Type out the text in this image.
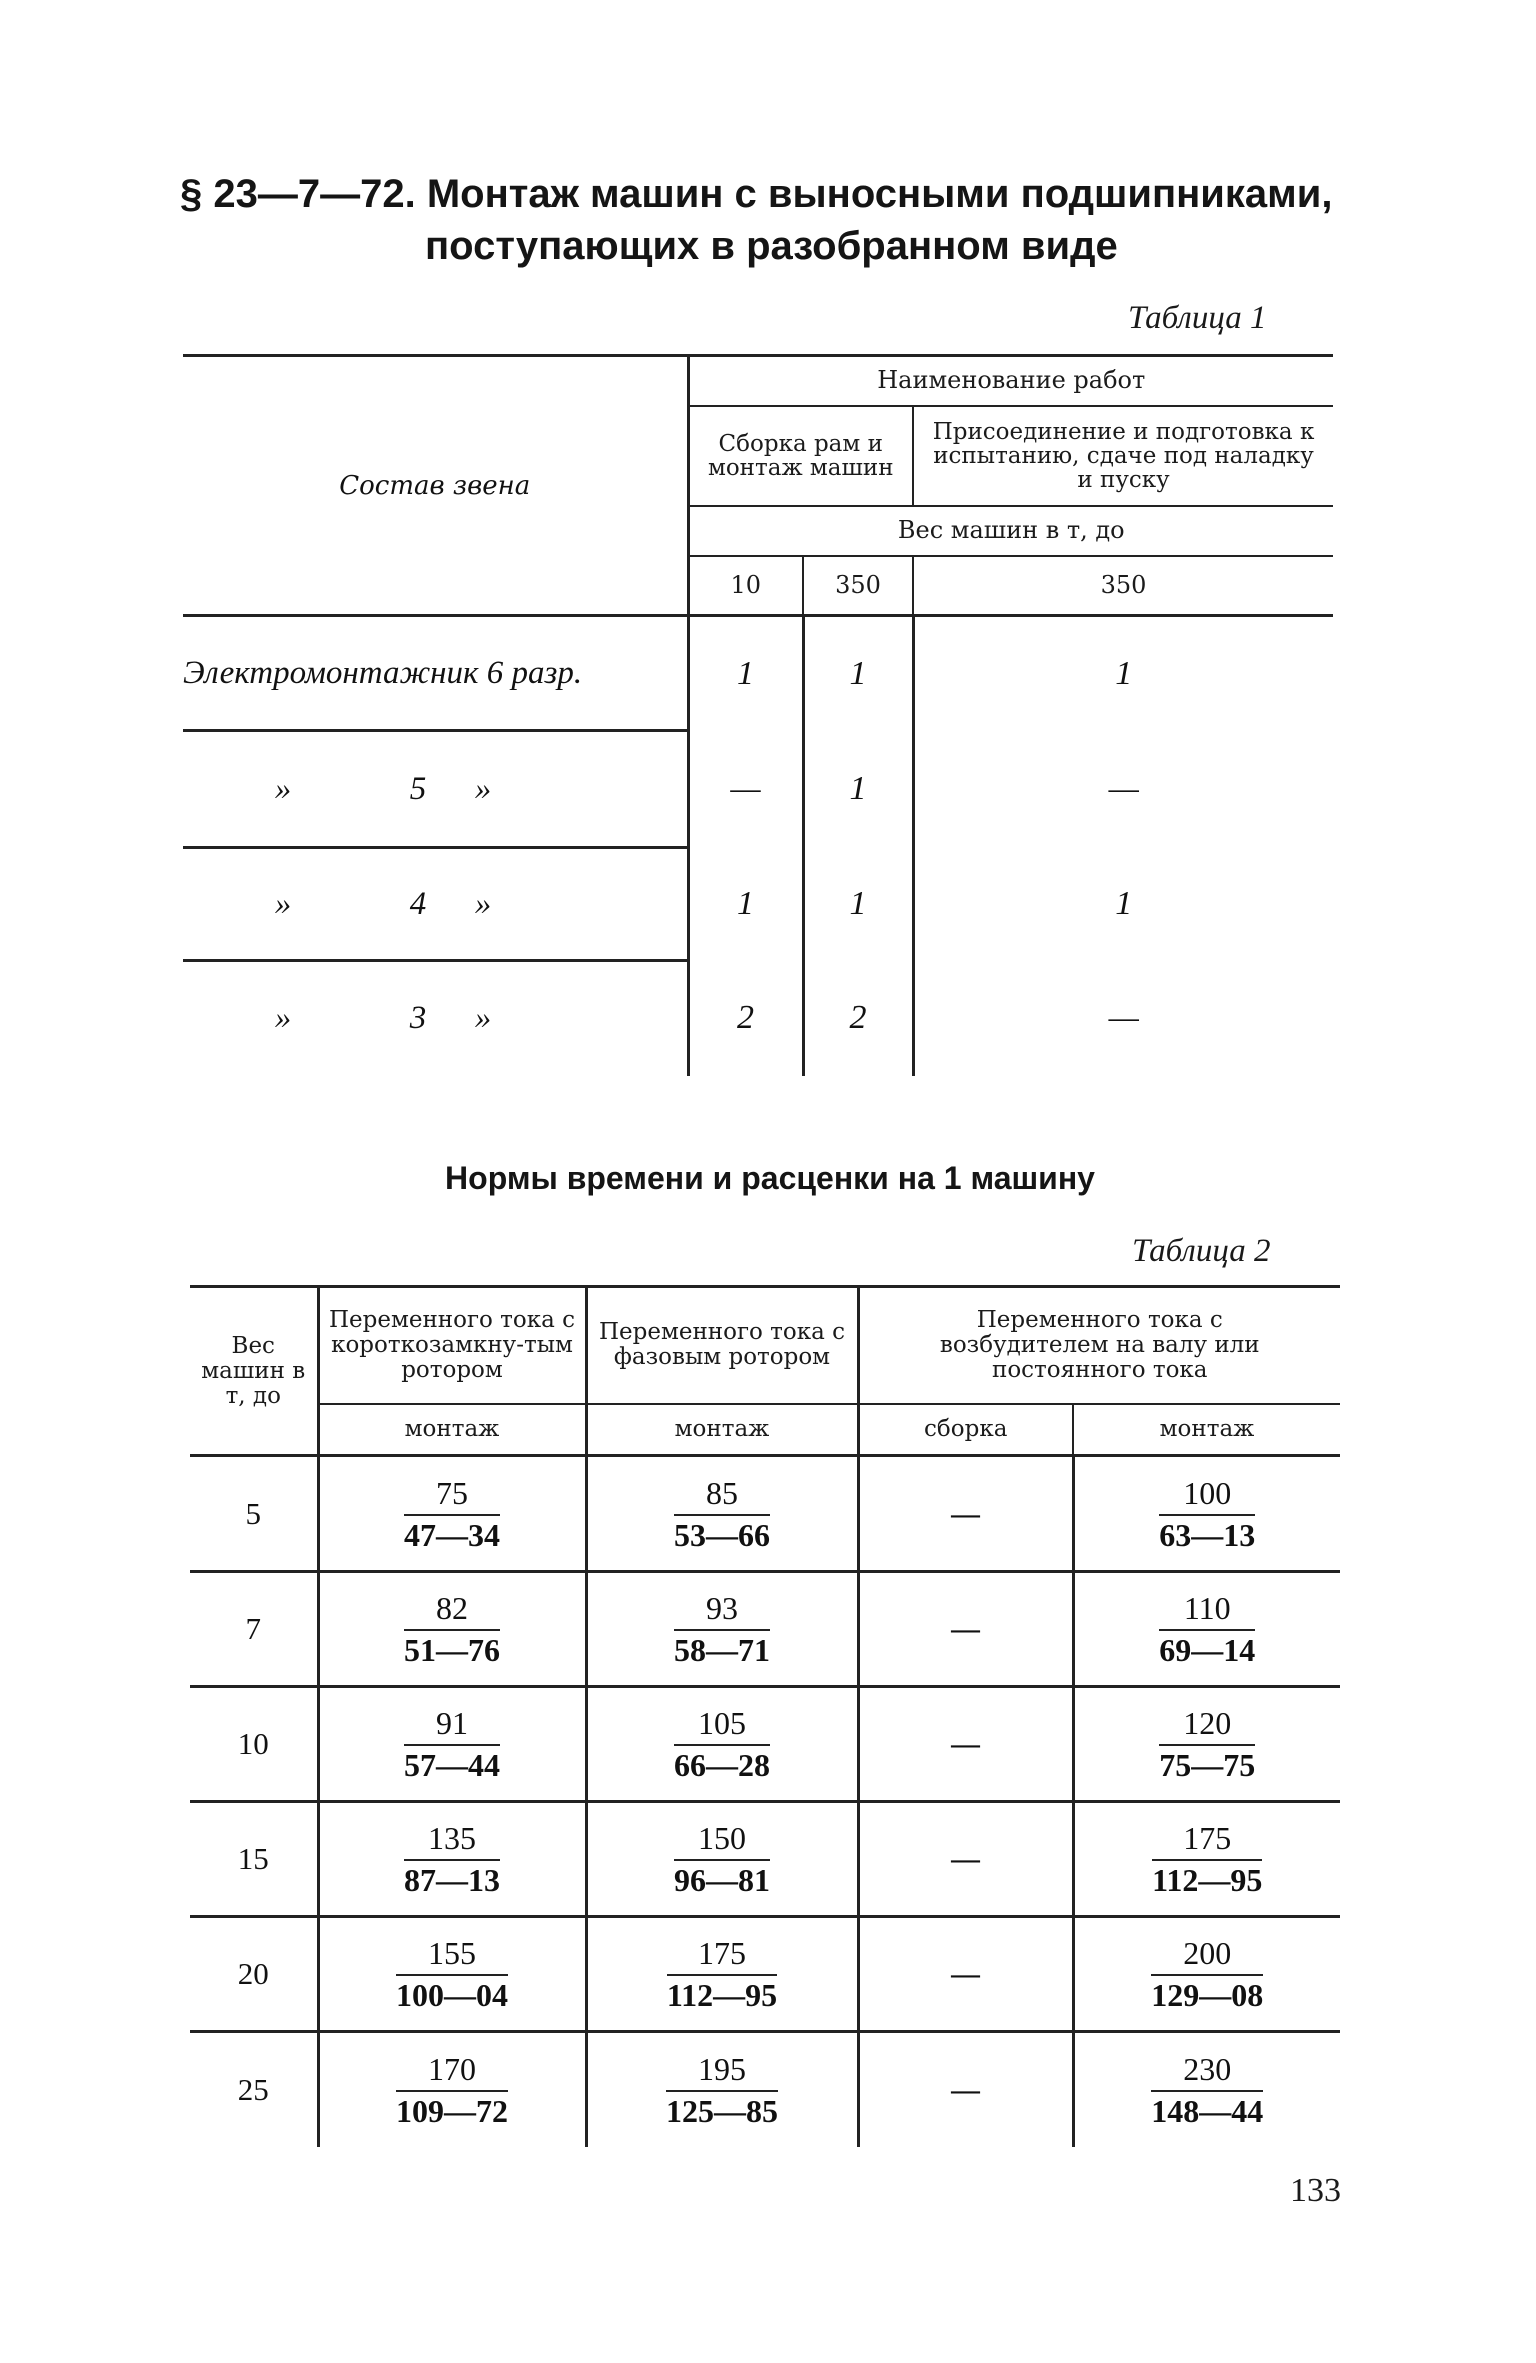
§ 23—7—72. Монтаж машин с выносными подшипниками,
поступающих в разобранном виде
Таблица 1
Состав звена	Наименование работ		
	Сборка рам и монтаж машин		Присоединение и подготовка к испытанию, сдаче под наладку и пуску
	Вес машин в т, до		
	10	350	350
Электромонтажник 6 разр.	1	1	1
» 5 »	—	1	—
» 4 »	1	1	1
» 3 »	2	2	—
Нормы времени и расценки на 1 машину
Таблица 2
Вес машин в т, до	Переменного тока с короткозамкну-тым ротором	Переменного тока с фазовым ротором	Переменного тока с возбудителем на валу или постоянного тока	
	монтаж	монтаж	сборка	монтаж
5	$\frac{75}{47—34}$	$\frac{85}{53—66}$	—	$\frac{100}{63—13}$

7	$\frac{82}{51—76}$	$\frac{93}{58—71}$	—	$\frac{110}{69—14}$

10	$\frac{91}{57—44}$	$\frac{105}{66—28}$	—	$\frac{120}{75—75}$

15	$\frac{135}{87—13}$	$\frac{150}{96—81}$	—	$\frac{175}{112—95}$

20	$\frac{155}{100—04}$	$\frac{175}{112—95}$	—	$\frac{200}{129—08}$

25	$\frac{170}{109—72}$	$\frac{195}{125—85}$	—	$\frac{230}{148—44}$
133
